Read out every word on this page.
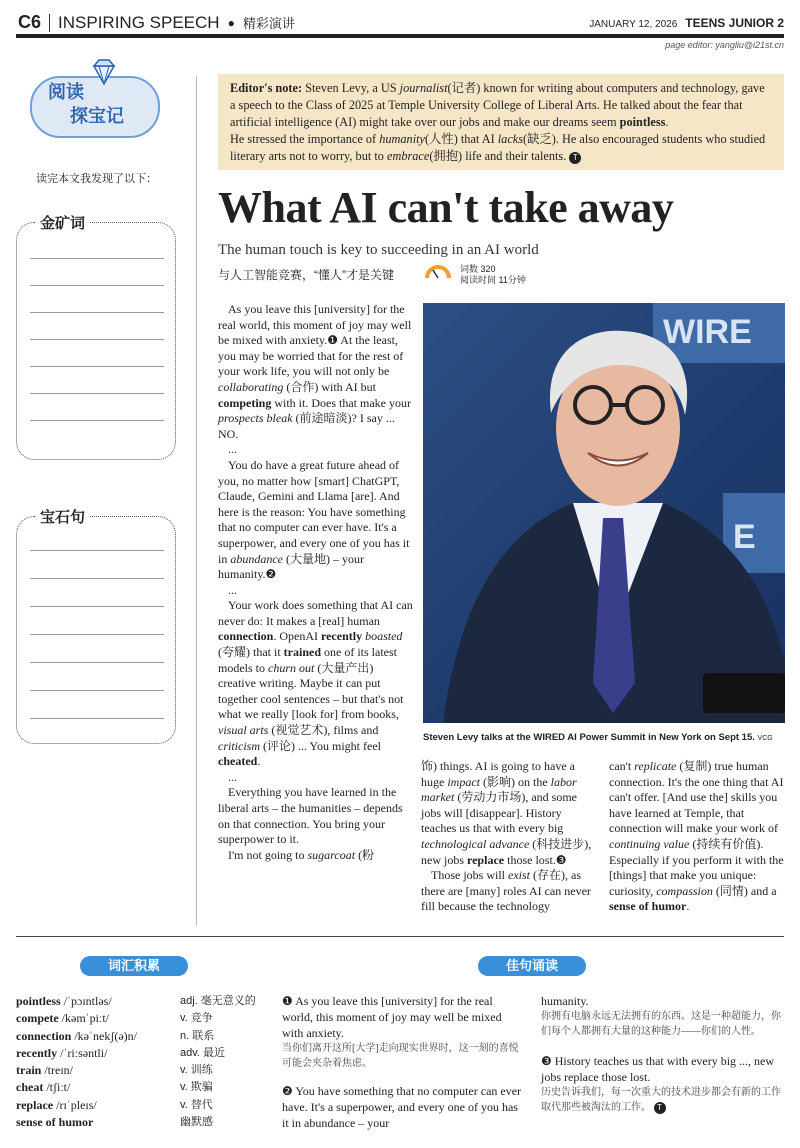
C6 INSPIRING SPEECH ● 精彩演讲	JANUARY 12, 2026 TEENS JUNIOR 2
page editor: yangliu@i21st.cn
阅读
探宝记
读完本文我发现了以下：
金矿词
宝石句
Editor's note: Steven Levy, a US journalist(记者) known for writing about computers and technology, gave a speech to the Class of 2025 at Temple University College of Liberal Arts. He talked about the fear that artificial intelligence (AI) might take over our jobs and make our dreams seem pointless.
He stressed the importance of humanity(人性) that AI lacks(缺乏). He also encouraged students who studied literary arts not to worry, but to embrace(拥抱) life and their talents. T
What AI can't take away
The human touch is key to succeeding in an AI world
与人工智能竞赛，“懂人”才是关键	词数 320
阅读时间 11分钟

As you leave this [university] for the real world, this moment of joy may well be mixed with anxiety.❶ At the least, you may be worried that for the rest of your work life, you will not only be collaborating (合作) with AI but competing with it. Does that make your prospects bleak (前途暗淡)? I say ... NO.

...

You do have a great future ahead of you, no matter how [smart] ChatGPT, Claude, Gemini and Llama [are]. And here is the reason: You have something that no computer can ever have. It's a superpower, and every one of you has it in abundance (大量地) – your humanity.❷

...

Your work does something that AI can never do: It makes a [real] human connection. OpenAI recently boasted (夸耀) that it trained one of its latest models to churn out (大量产出) creative writing. Maybe it can put together cool sentences – but that's not what we really [look for] from books, visual arts (视觉艺术), films and criticism (评论) ... You might feel cheated.

...

Everything you have learned in the liberal arts – the humanities – depends on that connection. You bring your superpower to it.

I'm not going to sugarcoat (粉

WIRE
E
Steven Levy talks at the WIRED AI Power Summit in New York on Sept 15. VCG
饰) things. AI is going to have a huge impact (影响) on the labor market (劳动力市场), and some jobs will [disappear]. History teaches us that with every big technological advance (科技进步), new jobs replace those lost.❸

Those jobs will exist (存在), as there are [many] roles AI can never fill because the technology

can't replicate (复制) true human connection. It's the one thing that AI can't offer. [And use the] skills you have learned at Temple, that connection will make your work of continuing value (持续有价值). Especially if you perform it with the [things] that make you unique: curiosity, compassion (同情) and a sense of humor.
词汇积累	佳句诵读
pointless /ˈpɔɪntləs/	adj. 毫无意义的
compete /kəmˈpiːt/	v. 竞争
connection /kəˈnekʃ(ə)n/	n. 联系
recently /ˈriːsəntli/	adv. 最近
train /treɪn/	v. 训练
cheat /tʃiːt/	v. 欺骗
replace /rɪˈpleɪs/	v. 替代
sense of humor	幽默感
❶ As you leave this [university] for the real world, this moment of joy may well be mixed with anxiety.
当你们离开这所[大学]走向现实世界时，这一刻的喜悦可能会夹杂着焦虑。
❷ You have something that no computer can ever have. It's a superpower, and every one of you has it in abundance – your
humanity.
你拥有电脑永远无法拥有的东西。这是一种超能力，你们每个人都拥有大量的这种能力——你们的人性。
❸ History teaches us that with every big ..., new jobs replace those lost.
历史告诉我们，每一次重大的技术进步都会有新的工作取代那些被淘汰的工作。 T
